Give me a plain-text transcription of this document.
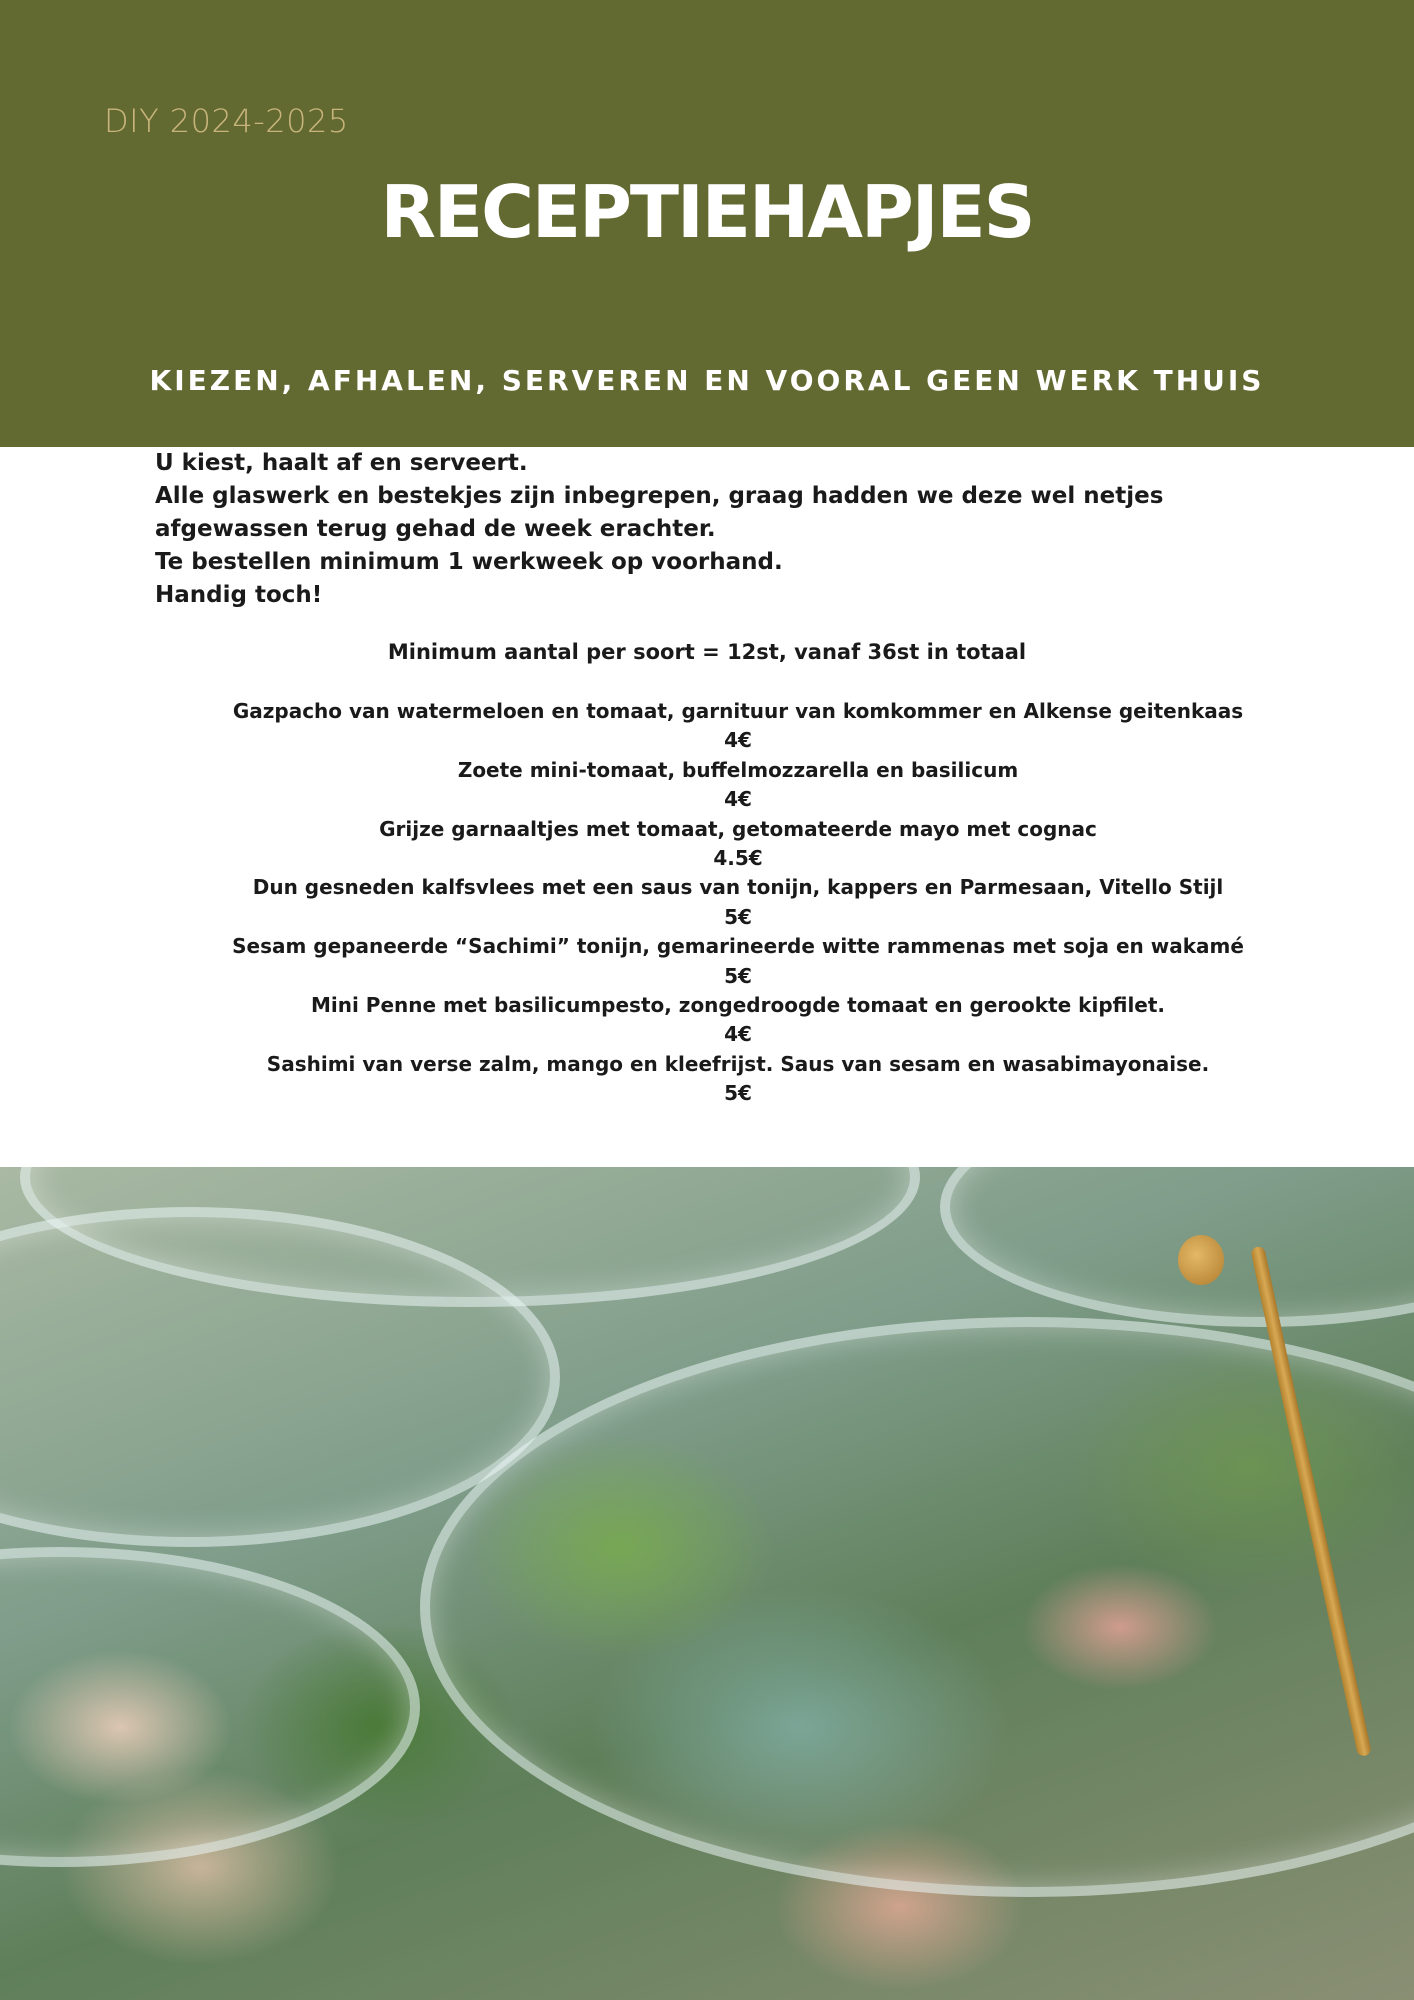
DIY 2024-2025

RECEPTIEHAPJES

KIEZEN, AFHALEN, SERVEREN EN VOORAL GEEN WERK THUIS

U kiest, haalt af en serveert.

Alle glaswerk en bestekjes zijn inbegrepen, graag hadden we deze wel netjes afgewassen terug gehad de week erachter.

Te bestellen minimum 1 werkweek op voorhand.

Handig toch!

Minimum aantal per soort = 12st, vanaf 36st in totaal

Gazpacho van watermeloen en tomaat, garnituur van komkommer en Alkense geitenkaas
4€
Zoete mini-tomaat, buffelmozzarella en basilicum
4€
Grijze garnaaltjes met tomaat, getomateerde mayo met cognac
4.5€
Dun gesneden kalfsvlees met een saus van tonijn, kappers en Parmesaan, Vitello Stijl
5€
Sesam gepaneerde “Sachimi” tonijn, gemarineerde witte rammenas met soja en wakamé
5€
Mini Penne met basilicumpesto, zongedroogde tomaat en gerookte kipfilet.
4€
Sashimi van verse zalm, mango en kleefrijst. Saus van sesam en wasabimayonaise.
5€
